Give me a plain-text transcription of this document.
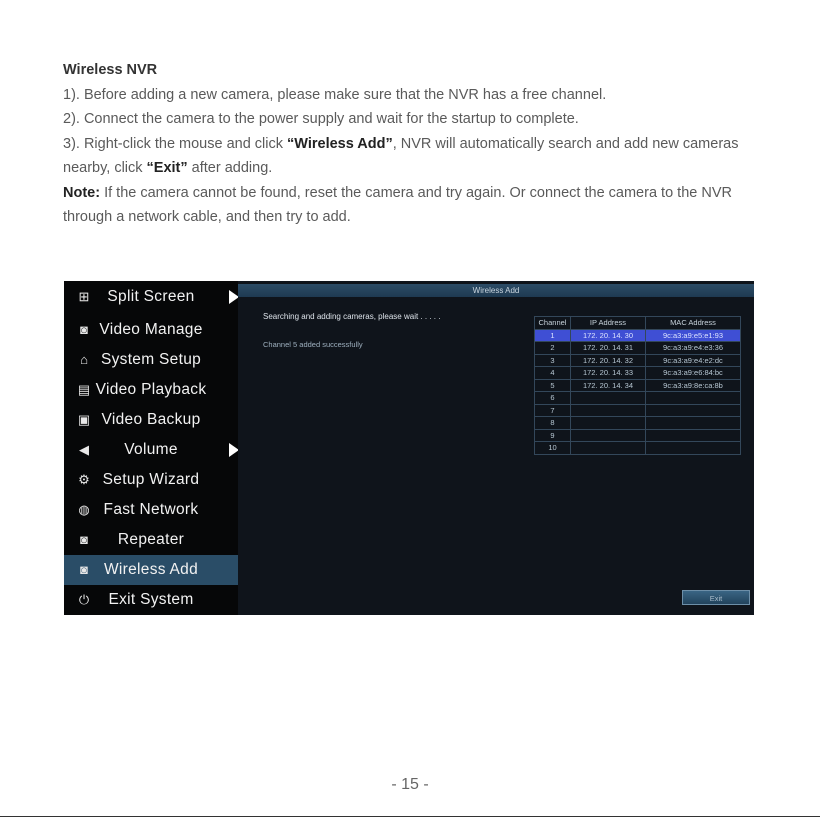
Wireless NVR

1). Before adding a new camera, please make sure that the NVR has a free channel.

2). Connect the camera to the power supply and wait for the startup to complete.

3). Right-click the mouse and click “Wireless Add”, NVR will automatically search and add new cameras nearby, click “Exit” after adding.

Note: If the camera cannot be found, reset the camera and try again. Or connect the camera to the NVR through a network cable, and then try to add.

⊞	Split Screen
◙ Video Manage
⌂ System Setup
▤ Video Playback
▣ Video Backup
◀	Volume
⚙ Setup Wizard
◍ Fast Network
◙	Repeater
◙	Wireless Add
⏻	Exit System
Wireless Add
Searching and adding cameras, please wait . . . . .
Channel 5 added successfully
Channel	IP Address	MAC Address
1	172. 20. 14. 30	9c:a3:a9:e5:e1:93
2	172. 20. 14. 31	9c:a3:a9:e4:e3:36
3	172. 20. 14. 32	9c:a3:a9:e4:e2:dc
4	172. 20. 14. 33	9c:a3:a9:e6:84:bc
5	172. 20. 14. 34	9c:a3:a9:8e:ca:8b
6		
7		
8		
9		
10		
Exit
- 15 -
